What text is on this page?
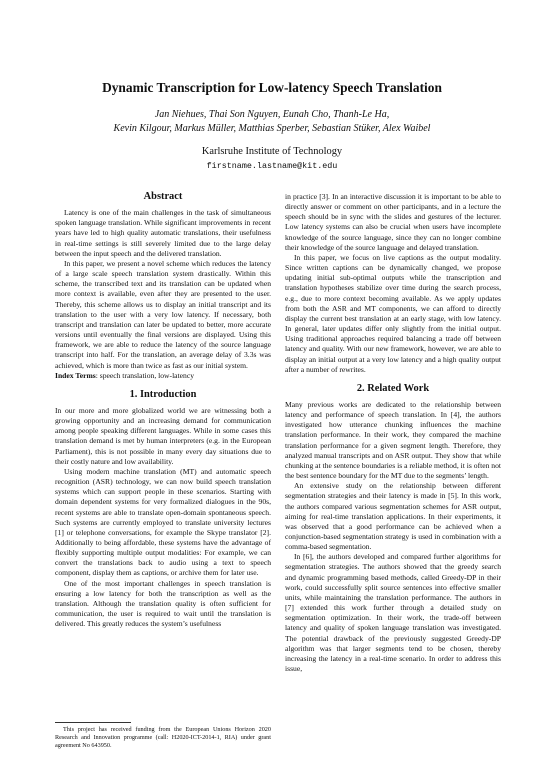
Dynamic Transcription for Low-latency Speech Translation
Jan Niehues, Thai Son Nguyen, Eunah Cho, Thanh-Le Ha,
Kevin Kilgour, Markus Müller, Matthias Sperber, Sebastian Stüker, Alex Waibel
Karlsruhe Institute of Technology
firstname.lastname@kit.edu
Abstract

Latency is one of the main challenges in the task of simultaneous spoken language translation. While significant improvements in recent years have led to high quality automatic translations, their usefulness in real-time settings is still severely limited due to the large delay between the input speech and the delivered translation.

In this paper, we present a novel scheme which reduces the latency of a large scale speech translation system drastically. Within this scheme, the transcribed text and its translation can be updated when more context is available, even after they are presented to the user. Thereby, this scheme allows us to display an initial transcript and its translation to the user with a very low latency. If necessary, both transcript and translation can later be updated to better, more accurate versions until eventually the final versions are displayed. Using this framework, we are able to reduce the latency of the source language transcript into half. For the translation, an average delay of 3.3s was achieved, which is more than twice as fast as our initial system.

Index Terms: speech translation, low-latency

1. Introduction

In our more and more globalized world we are witnessing both a growing opportunity and an increasing demand for communication among people speaking different languages. While in some cases this translation demand is met by human interpreters (e.g. in the European Parliament), this is not possible in many every day situations due to their costly nature and low availability.

Using modern machine translation (MT) and automatic speech recognition (ASR) technology, we can now build speech translation systems which can support people in these scenarios. Starting with domain dependent systems for very formalized dialogues in the 90s, recent systems are able to translate open-domain spontaneous speech. Such systems are currently employed to translate university lectures [1] or telephone conversations, for example the Skype translator [2]. Additionally to being affordable, these systems have the advantage of flexibly supporting multiple output modalities: For example, we can convert the translations back to audio using a text to speech component, display them as captions, or archive them for later use.

One of the most important challenges in speech translation is ensuring a low latency for both the transcription as well as the translation. Although the translation quality is often sufficient for communication, the user is required to wait until the translation is delivered. This greatly reduces the system’s usefulness

This project has received funding from the European Unions Horizon 2020 Research and Innovation programme (call: H2020-ICT-2014-1, RIA) under grant agreement No 643950.

in practice [3]. In an interactive discussion it is important to be able to directly answer or comment on other participants, and in a lecture the speech should be in sync with the slides and gestures of the lecturer. Low latency systems can also be crucial when users have incomplete knowledge of the source language, since they can no longer combine their knowledge of the source language and delayed translation.

In this paper, we focus on live captions as the output modality. Since written captions can be dynamically changed, we propose updating initial sub-optimal outputs while the transcription and translation hypotheses stabilize over time during the search process, e.g., due to more context becoming available. As we apply updates from both the ASR and MT components, we can afford to directly display the current best translation at an early stage, with low latency. In general, later updates differ only slightly from the initial output. Using traditional approaches required balancing a trade off between latency and quality. With our new framework, however, we are able to display an initial output at a very low latency and a high quality output after a number of rewrites.

2. Related Work

Many previous works are dedicated to the relationship between latency and performance of speech translation. In [4], the authors investigated how utterance chunking influences the machine translation performance. In their work, they compared the machine translation performance for a given segment length. Therefore, they analyzed manual transcripts and on ASR output. They show that while chunking at the sentence boundaries is a reliable method, it is often not the best sentence boundary for the MT due to the segments’ length.

An extensive study on the relationship between different segmentation strategies and their latency is made in [5]. In this work, the authors compared various segmentation schemes for ASR output, aiming for real-time translation applications. In their experiments, it was observed that a good performance can be achieved when a conjunction-based segmentation strategy is used in combination with a comma-based segmentation.

In [6], the authors developed and compared further algorithms for segmentation strategies. The authors showed that the greedy search and dynamic programming based methods, called Greedy-DP in their work, could successfully split source sentences into effective smaller units, while maintaining the translation performance. The authors in [7] extended this work further through a detailed study on segmentation optimization. In their work, the trade-off between latency and quality of spoken language translation was investigated. The potential drawback of the previously suggested Greedy-DP algorithm was that larger segments tend to be chosen, thereby increasing the latency in a real-time scenario. In order to address this issue,
